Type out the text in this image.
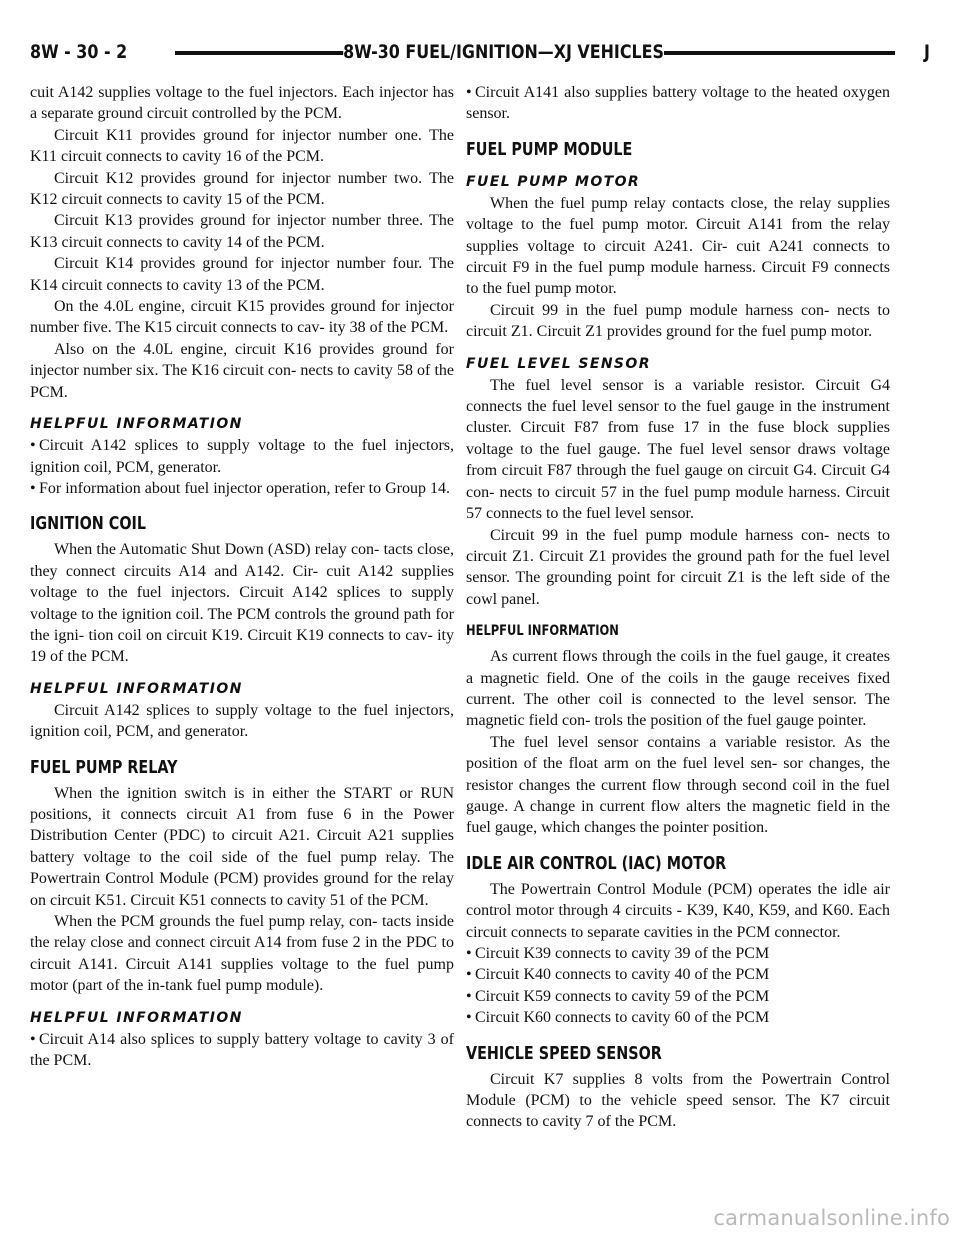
8W - 30 - 2	8W-30 FUEL/IGNITION—XJ VEHICLES	J

cuit A142 supplies voltage to the fuel injectors. Each injector has a separate ground circuit controlled by the PCM.

Circuit K11 provides ground for injector number one. The K11 circuit connects to cavity 16 of the PCM.

Circuit K12 provides ground for injector number two. The K12 circuit connects to cavity 15 of the PCM.

Circuit K13 provides ground for injector number three. The K13 circuit connects to cavity 14 of the PCM.

Circuit K14 provides ground for injector number four. The K14 circuit connects to cavity 13 of the PCM.

On the 4.0L engine, circuit K15 provides ground for injector number five. The K15 circuit connects to cav- ity 38 of the PCM.

Also on the 4.0L engine, circuit K16 provides ground for injector number six. The K16 circuit con- nects to cavity 58 of the PCM.

HELPFUL INFORMATION

• Circuit A142 splices to supply voltage to the fuel injectors, ignition coil, PCM, generator.

• For information about fuel injector operation, refer to Group 14.

IGNITION COIL

When the Automatic Shut Down (ASD) relay con- tacts close, they connect circuits A14 and A142. Cir- cuit A142 supplies voltage to the fuel injectors. Circuit A142 splices to supply voltage to the ignition coil. The PCM controls the ground path for the igni- tion coil on circuit K19. Circuit K19 connects to cav- ity 19 of the PCM.

HELPFUL INFORMATION

Circuit A142 splices to supply voltage to the fuel injectors, ignition coil, PCM, and generator.

FUEL PUMP RELAY

When the ignition switch is in either the START or RUN positions, it connects circuit A1 from fuse 6 in the Power Distribution Center (PDC) to circuit A21. Circuit A21 supplies battery voltage to the coil side of the fuel pump relay. The Powertrain Control Module (PCM) provides ground for the relay on circuit K51. Circuit K51 connects to cavity 51 of the PCM.

When the PCM grounds the fuel pump relay, con- tacts inside the relay close and connect circuit A14 from fuse 2 in the PDC to circuit A141. Circuit A141 supplies voltage to the fuel pump motor (part of the in-tank fuel pump module).

HELPFUL INFORMATION

• Circuit A14 also splices to supply battery voltage to cavity 3 of the PCM.

• Circuit A141 also supplies battery voltage to the heated oxygen sensor.

FUEL PUMP MODULE
FUEL PUMP MOTOR

When the fuel pump relay contacts close, the relay supplies voltage to the fuel pump motor. Circuit A141 from the relay supplies voltage to circuit A241. Cir- cuit A241 connects to circuit F9 in the fuel pump module harness. Circuit F9 connects to the fuel pump motor.

Circuit 99 in the fuel pump module harness con- nects to circuit Z1. Circuit Z1 provides ground for the fuel pump motor.

FUEL LEVEL SENSOR

The fuel level sensor is a variable resistor. Circuit G4 connects the fuel level sensor to the fuel gauge in the instrument cluster. Circuit F87 from fuse 17 in the fuse block supplies voltage to the fuel gauge. The fuel level sensor draws voltage from circuit F87 through the fuel gauge on circuit G4. Circuit G4 con- nects to circuit 57 in the fuel pump module harness. Circuit 57 connects to the fuel level sensor.

Circuit 99 in the fuel pump module harness con- nects to circuit Z1. Circuit Z1 provides the ground path for the fuel level sensor. The grounding point for circuit Z1 is the left side of the cowl panel.

HELPFUL INFORMATION

As current flows through the coils in the fuel gauge, it creates a magnetic field. One of the coils in the gauge receives fixed current. The other coil is connected to the level sensor. The magnetic field con- trols the position of the fuel gauge pointer.

The fuel level sensor contains a variable resistor. As the position of the float arm on the fuel level sen- sor changes, the resistor changes the current flow through second coil in the fuel gauge. A change in current flow alters the magnetic field in the fuel gauge, which changes the pointer position.

IDLE AIR CONTROL (IAC) MOTOR

The Powertrain Control Module (PCM) operates the idle air control motor through 4 circuits - K39, K40, K59, and K60. Each circuit connects to separate cavities in the PCM connector.

• Circuit K39 connects to cavity 39 of the PCM

• Circuit K40 connects to cavity 40 of the PCM

• Circuit K59 connects to cavity 59 of the PCM

• Circuit K60 connects to cavity 60 of the PCM

VEHICLE SPEED SENSOR

Circuit K7 supplies 8 volts from the Powertrain Control Module (PCM) to the vehicle speed sensor. The K7 circuit connects to cavity 7 of the PCM.

carmanualsonline.info
